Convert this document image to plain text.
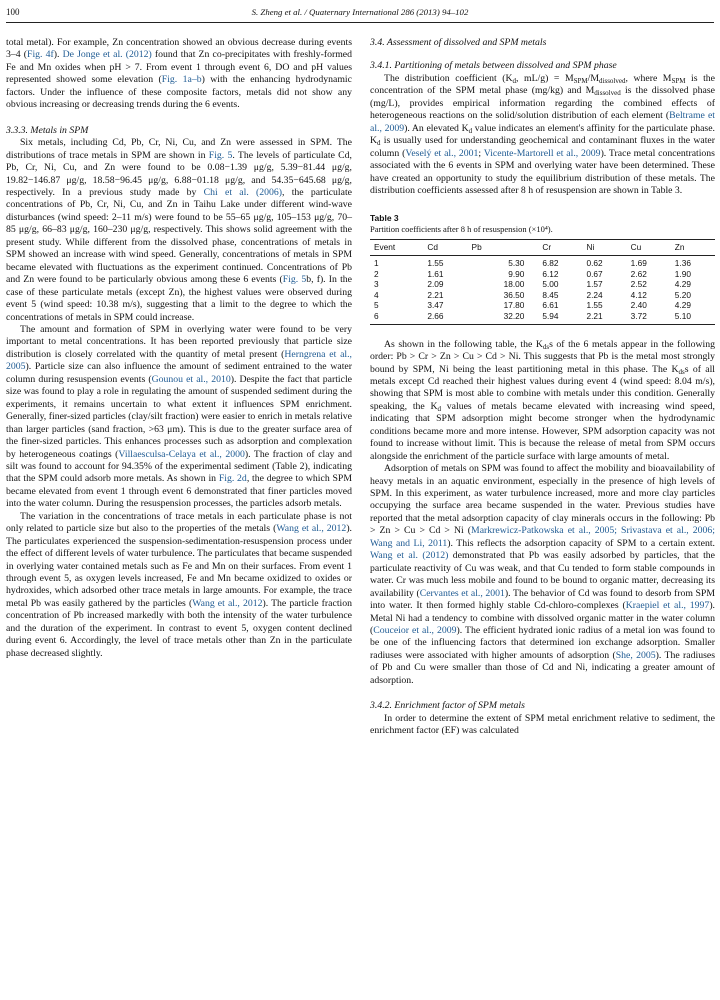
100	S. Zheng et al. / Quaternary International 286 (2013) 94–102

total metal). For example, Zn concentration showed an obvious decrease during events 3–4 (Fig. 4f). De Jonge et al. (2012) found that Zn co-precipitates with freshly-formed Fe and Mn oxides when pH > 7. From event 1 through event 6, DO and pH values represented showed some elevation (Fig. 1a–b) with the enhancing hydrodynamic factors. Under the influence of these composite factors, metals did not show any obvious increasing or decreasing trends during the 6 events.

3.3.3. Metals in SPM

Six metals, including Cd, Pb, Cr, Ni, Cu, and Zn were assessed in SPM. The distributions of trace metals in SPM are shown in Fig. 5. The levels of particulate Cd, Pb, Cr, Ni, Cu, and Zn were found to be 0.08−1.39 μg/g, 5.39−81.44 μg/g, 19.82−146.87 μg/g, 18.58−96.45 μg/g, 6.88−01.18 μg/g, and 54.35−645.68 μg/g, respectively. In a previous study made by Chi et al. (2006), the particulate concentrations of Pb, Cr, Ni, Cu, and Zn in Taihu Lake under different wind-wave disturbances (wind speed: 2–11 m/s) were found to be 55–65 μg/g, 105–153 μg/g, 70–85 μg/g, 66–83 μg/g, 160–230 μg/g, respectively. This shows solid agreement with the present study. While different from the dissolved phase, concentrations of metals in SPM showed an increase with wind speed. Generally, concentrations of metals in SPM became elevated with fluctuations as the experiment continued. Concentrations of Pb and Zn were found to be particularly obvious among these 6 events (Fig. 5b, f). In the case of these particulate metals (except Zn), the highest values were observed during event 5 (wind speed: 10.38 m/s), suggesting that a limit to the degree to which the concentrations of metals in SPM could increase.

The amount and formation of SPM in overlying water were found to be very important to metal concentrations. It has been reported previously that particle size distribution is closely correlated with the quantity of metal present (Herngrena et al., 2005). Particle size can also influence the amount of sediment entrained to the water column during resuspension events (Gounou et al., 2010). Despite the fact that particle size was found to play a role in regulating the amount of suspended sediment during the experiments, it remains uncertain to what extent it influences SPM enrichment. Generally, finer-sized particles (clay/silt fraction) were easier to enrich in metals relative than larger particles (sand fraction, >63 μm). This is due to the greater surface area of the finer-sized particles. This enhances processes such as adsorption and complexation by heterogeneous coatings (Villaesculsa-Celaya et al., 2000). The fraction of clay and silt was found to account for 94.35% of the experimental sediment (Table 2), indicating that the SPM could adsorb more metals. As shown in Fig. 2d, the degree to which SPM became elevated from event 1 through event 6 demonstrated that finer particles moved into the water column. During the resuspension processes, the particles adsorb metals.

The variation in the concentrations of trace metals in each particulate phase is not only related to particle size but also to the properties of the metals (Wang et al., 2012). The particulates experienced the suspension-sedimentation-resuspension process under the effect of different levels of water turbulence. The particulates that became suspended in overlying water contained metals such as Fe and Mn on their surfaces. From event 1 through event 5, as oxygen levels increased, Fe and Mn became oxidized to oxides or hydroxides, which adsorbed other trace metals in large amounts. For example, the trace metal Pb was easily gathered by the particles (Wang et al., 2012). The particle fraction concentration of Pb increased markedly with both the intensity of the water turbulence and the duration of the experiment. In contrast to event 5, oxygen content declined during event 6. Accordingly, the level of trace metals other than Zn in the particulate phase decreased slightly.

3.4. Assessment of dissolved and SPM metals
3.4.1. Partitioning of metals between dissolved and SPM phase

The distribution coefficient ($K_d$, $mL/g) = M_{SPM}/M_{dissolved}$, where $M_{SPM}$ is the concentration of the SPM metal phase (mg/kg) and $M_{dissolved}$ is the dissolved phase (mg/L), provides empirical information regarding the combined effects of heterogeneous reactions on the solid/solution distribution of each element (Beltrame et al., 2009). An elevated $K_d$ value indicates an element's affinity for the particulate phase. $K_d$ is usually used for understanding geochemical and contaminant fluxes in the water column (Veselý et al., 2001; Vicente-Martorell et al., 2009). Trace metal concentrations associated with the 6 events in SPM and overlying water have been determined. These have created an opportunity to study the equilibrium distribution of these metals. The distribution coefficients assessed after 8 h of resuspension are shown in Table 3.

Table 3
Partition coefficients after 8 h of resuspension (×10⁴).
Event	Cd	Pb	Cr	Ni	Cu	Zn
1	1.55	5.30	6.82	0.62	1.69	1.36
2	1.61	9.90	6.12	0.67	2.62	1.90
3	2.09	18.00	5.00	1.57	2.52	4.29
4	2.21	36.50	8.45	2.24	4.12	5.20
5	3.47	17.80	6.61	1.55	2.40	4.29
6	2.66	32.20	5.94	2.21	3.72	5.10

As shown in the following table, the $K_{ds}s$ of the 6 metals appear in the following order: Pb > Cr > Zn > Cu > Cd > Ni. This suggests that Pb is the metal most strongly bound by SPM, Ni being the least partitioning metal in this phase. The $K_{ds}s$ of all metals except Cd reached their highest values during event 4 (wind speed: 8.04 m/s), showing that SPM is most able to combine with metals under this condition. Generally speaking, the $K_d$ values of metals became elevated with increasing wind speed, indicating that SPM adsorption might become stronger when the hydrodynamic conditions became more and more intense. However, SPM adsorption capacity was not found to increase without limit. This is because the release of metal from SPM occurs alongside the enrichment of the particle surface with large amounts of metal.

Adsorption of metals on SPM was found to affect the mobility and bioavailability of heavy metals in an aquatic environment, especially in the presence of high levels of SPM. In this experiment, as water turbulence increased, more and more clay particles occupying the surface area became suspended in the water. Previous studies have reported that the metal adsorption capacity of clay minerals occurs in the following: Pb > Zn > Cu > Cd > Ni (Markrewicz-Patkowska et al., 2005; Srivastava et al., 2006; Wang and Li, 2011). This reflects the adsorption capacity of SPM to a certain extent. Wang et al. (2012) demonstrated that Pb was easily adsorbed by particles, that the particulate reactivity of Cu was weak, and that Cu tended to form stable compounds in water. Cr was much less mobile and found to be bound to organic matter, decreasing its availability (Cervantes et al., 2001). The behavior of Cd was found to desorb from SPM into water. It then formed highly stable Cd-chloro-complexes (Kraepiel et al., 1997). Metal Ni had a tendency to combine with dissolved organic matter in the water column (Couceior et al., 2009). The efficient hydrated ionic radius of a metal ion was found to be one of the influencing factors that determined ion exchange adsorption. Smaller radiuses were associated with higher amounts of adsorption (She, 2005). The radiuses of Pb and Cu were smaller than those of Cd and Ni, indicating a greater amount of adsorption.

3.4.2. Enrichment factor of SPM metals

In order to determine the extent of SPM metal enrichment relative to sediment, the enrichment factor (EF) was calculated
